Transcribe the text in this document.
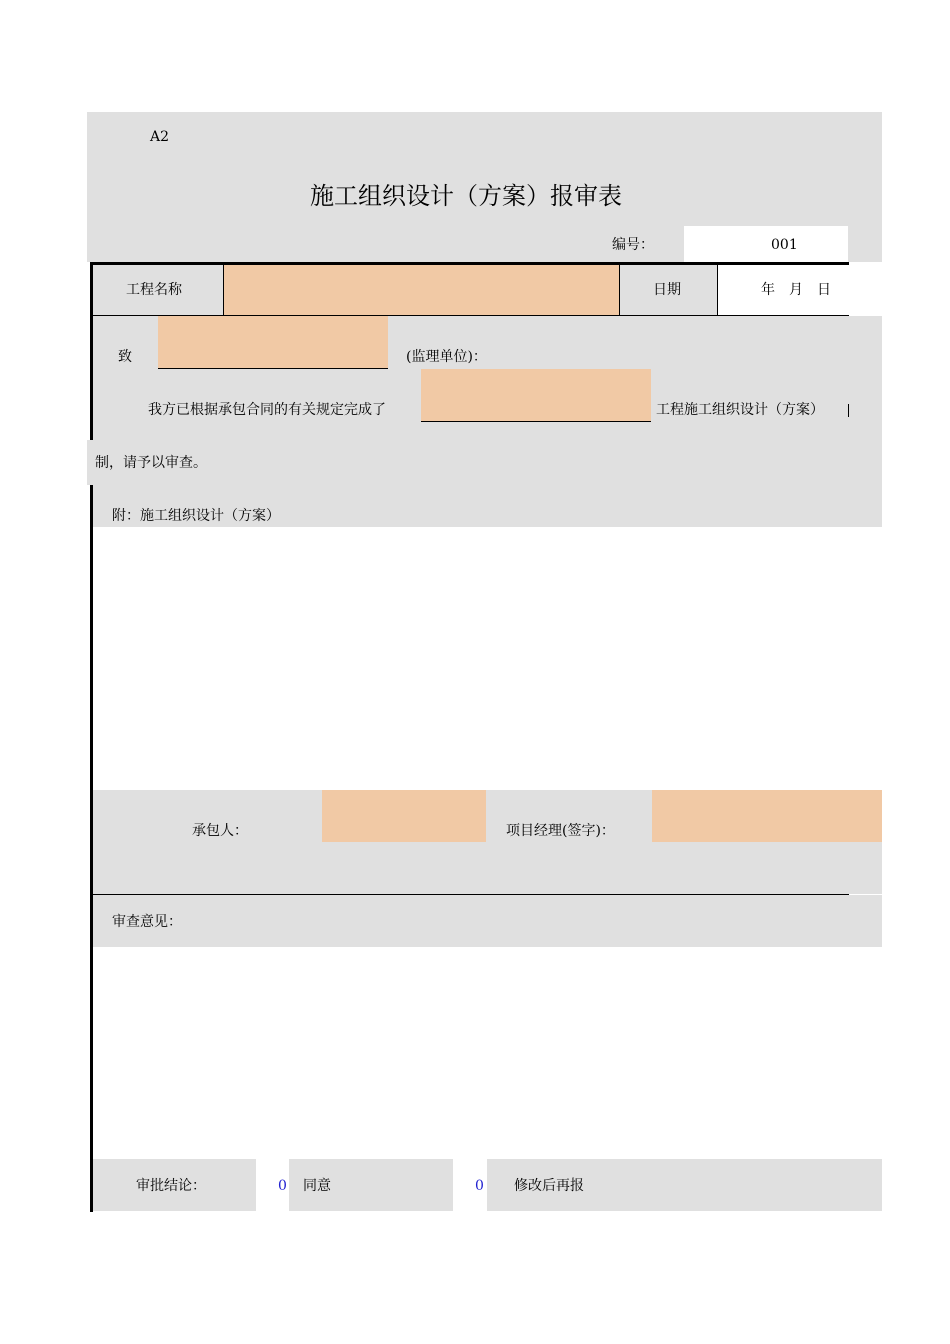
A2
施工组织设计（方案）报审表
编号：	001
工程名称	日期	年　月　日
致	(监理单位)：
我方已根据承包合同的有关规定完成了	工程施工组织设计（方案）
制，请予以审查。
附：施工组织设计（方案）
承包人：	项目经理(签字)：
审查意见：
审批结论：	0 同意	0 修改后再报
